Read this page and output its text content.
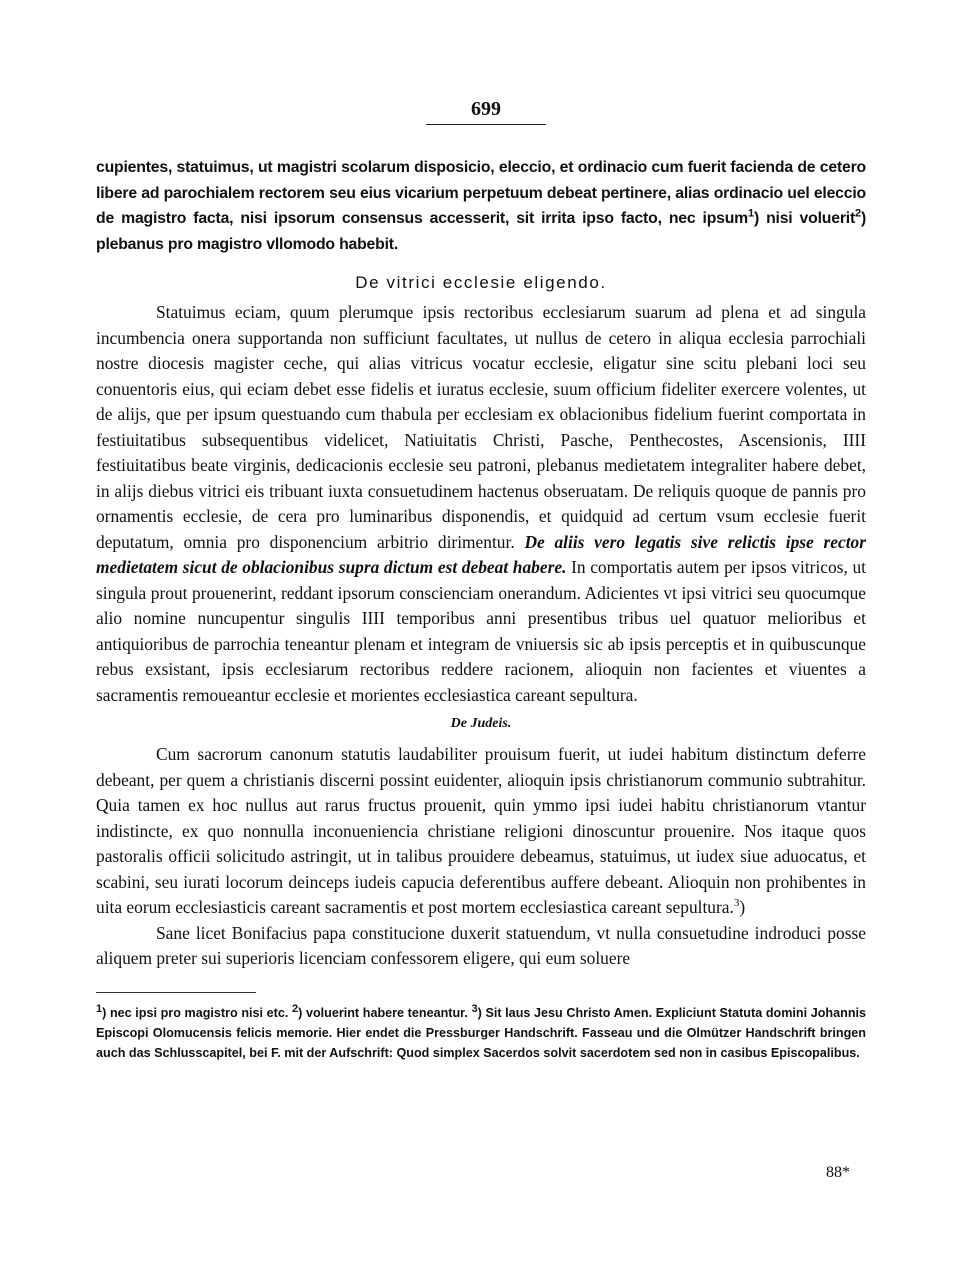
699

cupientes, statuimus, ut magistri scolarum disposicio, eleccio, et ordinacio cum fuerit facienda de cetero libere ad parochialem rectorem seu eius vicarium perpetuum debeat pertinere, alias ordinacio uel eleccio de magistro facta, nisi ipsorum consensus accesserit, sit irrita ipso facto, nec ipsum$^1$) nisi voluerit$^2$) plebanus pro magistro vllomodo habebit.

De vitrici ecclesie eligendo.

Statuimus eciam, quum plerumque ipsis rectoribus ecclesiarum suarum ad plena et ad singula incumbencia onera supportanda non sufficiunt facultates, ut nullus de cetero in aliqua ecclesia parrochiali nostre diocesis magister ceche, qui alias vitricus vocatur ecclesie, eligatur sine scitu plebani loci seu conuentoris eius, qui eciam debet esse fidelis et iuratus ecclesie, suum officium fideliter exercere volentes, ut de alijs, que per ipsum questuando cum thabula per ecclesiam ex oblacionibus fidelium fuerint comportata in festiuitatibus subsequentibus videlicet, Natiuitatis Christi, Pasche, Penthecostes, Ascensionis, IIII festiuitatibus beate virginis, dedicacionis ecclesie seu patroni, plebanus medietatem integraliter habere debet, in alijs diebus vitrici eis tribuant iuxta consuetudinem hactenus obseruatam. De reliquis quoque de pannis pro ornamentis ecclesie, de cera pro luminaribus disponendis, et quidquid ad certum vsum ecclesie fuerit deputatum, omnia pro disponencium arbitrio dirimentur. De aliis vero legatis sive relictis ipse rector medietatem sicut de oblacionibus supra dictum est debeat habere. In comportatis autem per ipsos vitricos, ut singula prout prouenerint, reddant ipsorum conscienciam onerandum. Adicientes vt ipsi vitrici seu quocumque alio nomine nuncupentur singulis IIII temporibus anni presentibus tribus uel quatuor melioribus et antiquioribus de parrochia teneantur plenam et integram de vniuersis sic ab ipsis perceptis et in quibuscunque rebus exsistant, ipsis ecclesiarum rectoribus reddere racionem, alioquin non facientes et viuentes a sacramentis remoueantur ecclesie et morientes ecclesiastica careant sepultura.

De Judeis.

Cum sacrorum canonum statutis laudabiliter prouisum fuerit, ut iudei habitum distinctum deferre debeant, per quem a christianis discerni possint euidenter, alioquin ipsis christianorum communio subtrahitur. Quia tamen ex hoc nullus aut rarus fructus prouenit, quin ymmo ipsi iudei habitu christianorum vtantur indistincte, ex quo nonnulla inconueniencia christiane religioni dinoscuntur prouenire. Nos itaque quos pastoralis officii solicitudo astringit, ut in talibus prouidere debeamus, statuimus, ut iudex siue aduocatus, et scabini, seu iurati locorum deinceps iudeis capucia deferentibus auffere debeant. Alioquin non prohibentes in uita eorum ecclesiasticis careant sacramentis et post mortem ecclesiastica careant sepultura.$^3$)

Sane licet Bonifacius papa constitucione duxerit statuendum, vt nulla consuetudine indroduci posse aliquem preter sui superioris licenciam confessorem eligere, qui eum soluere

$^1$) nec ipsi pro magistro nisi etc. $^2$) voluerint habere teneantur. $^3$) Sit laus Jesu Christo Amen. Expliciunt Statuta domini Johannis Episcopi Olomucensis felicis memorie. Hier endet die Pressburger Handschrift. Fasseau und die Olmützer Handschrift bringen auch das Schlusscapitel, bei F. mit der Aufschrift: Quod simplex Sacerdos solvit sacerdotem sed non in casibus Episcopalibus.
88*
